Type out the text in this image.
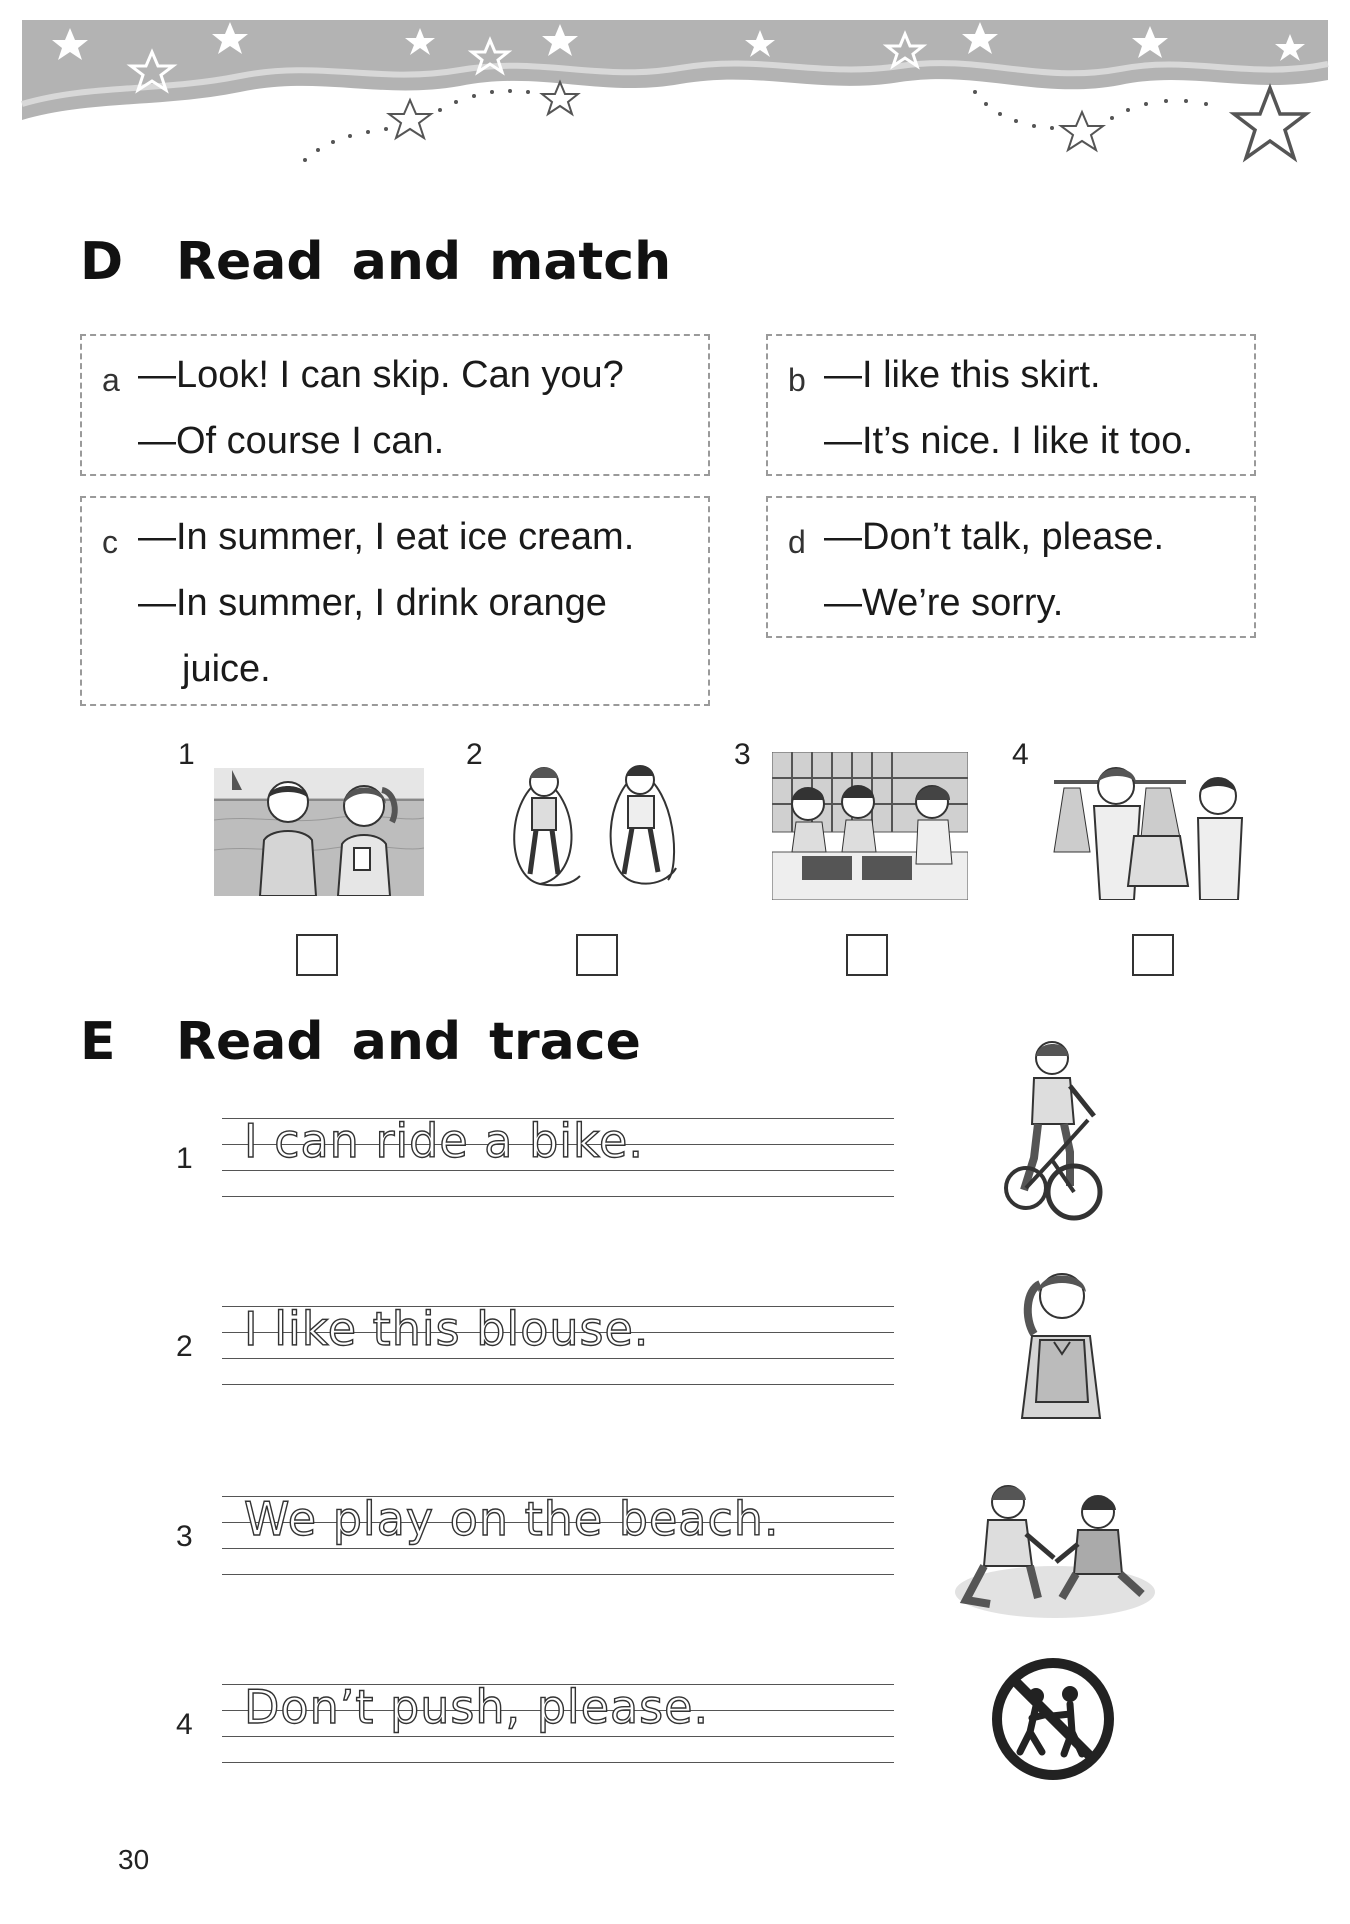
D Read and match
a —Look! I can skip. Can you?
—Of course I can.
b —I like this skirt.
—It’s nice. I like it too.
c —In summer, I eat ice cream.
—In summer, I drink orange
juice.
d —Don’t talk, please.
—We’re sorry.
1	2	3	4
E Read and trace
1 I can ride a bike.
2 I like this blouse.
3 We play on the beach.
4 Don’t push, please.
30
